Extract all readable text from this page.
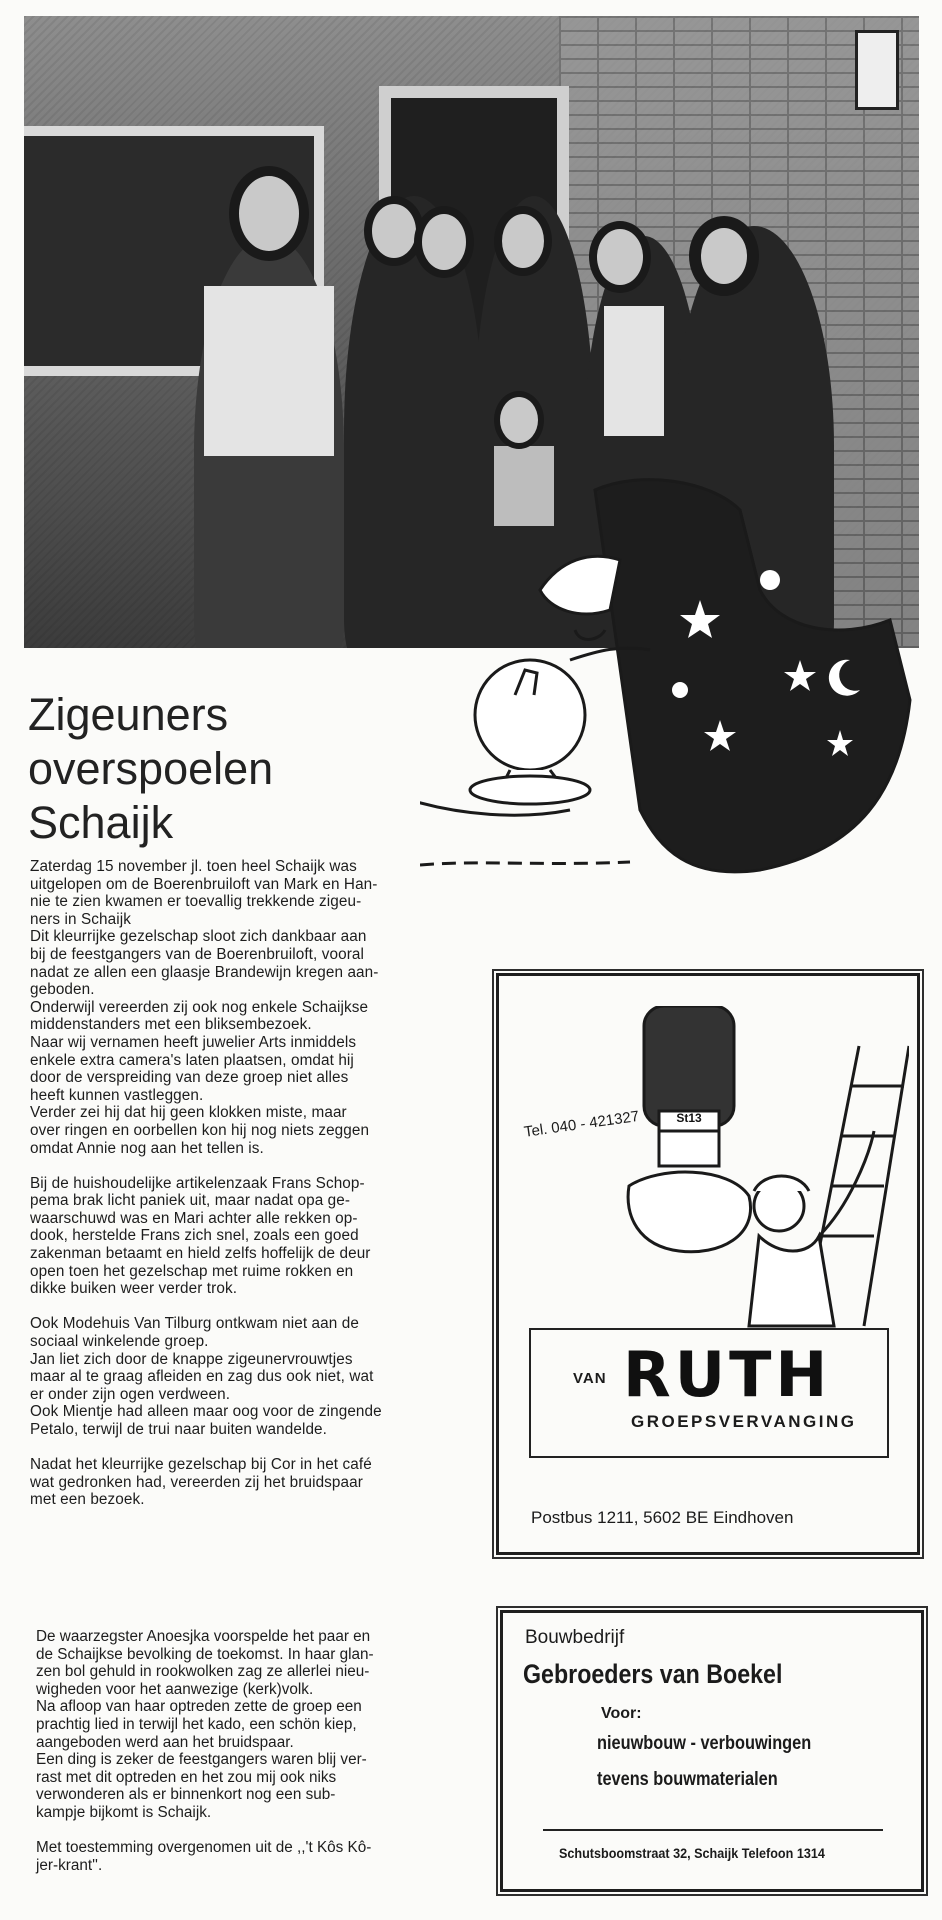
Zigeuners
overspoelen
Schaijk

Zaterdag 15 november jl. toen heel Schaijk was
uitgelopen om de Boerenbruiloft van Mark en Han-
nie te zien kwamen er toevallig trekkende zigeu-
ners in Schaijk

Dit kleurrijke gezelschap sloot zich dankbaar aan
bij de feestgangers van de Boerenbruiloft, vooral
nadat ze allen een glaasje Brandewijn kregen aan-
geboden.

Onderwijl vereerden zij ook nog enkele Schaijkse
middenstanders met een bliksembezoek.

Naar wij vernamen heeft juwelier Arts inmiddels
enkele extra camera's laten plaatsen, omdat hij
door de verspreiding van deze groep niet alles
heeft kunnen vastleggen.

Verder zei hij dat hij geen klokken miste, maar
over ringen en oorbellen kon hij nog niets zeggen
omdat Annie nog aan het tellen is.

Bij de huishoudelijke artikelenzaak Frans Schop-
pema brak licht paniek uit, maar nadat opa ge-
waarschuwd was en Mari achter alle rekken op-
dook, herstelde Frans zich snel, zoals een goed
zakenman betaamt en hield zelfs hoffelijk de deur
open toen het gezelschap met ruime rokken en
dikke buiken weer verder trok.

Ook Modehuis Van Tilburg ontkwam niet aan de
sociaal winkelende groep.

Jan liet zich door de knappe zigeunervrouwtjes
maar al te graag afleiden en zag dus ook niet, wat
er onder zijn ogen verdween.

Ook Mientje had alleen maar oog voor de zingende
Petalo, terwijl de trui naar buiten wandelde.

Nadat het kleurrijke gezelschap bij Cor in het café
wat gedronken had, vereerden zij het bruidspaar
met een bezoek.

De waarzegster Anoesjka voorspelde het paar en
de Schaijkse bevolking de toekomst. In haar glan-
zen bol gehuld in rookwolken zag ze allerlei nieu-
wigheden voor het aanwezige (kerk)volk.

Na afloop van haar optreden zette de groep een
prachtig lied in terwijl het kado, een schön kiep,
aangeboden werd aan het bruidspaar.

Een ding is zeker de feestgangers waren blij ver-
rast met dit optreden en het zou mij ook niks
verwonderen als er binnenkort nog een sub-
kampje bijkomt is Schaijk.

Met toestemming overgenomen uit de ,,'t Kôs Kô-
jer-krant''.

Tel. 040 - 421327	St13
VAN RUTH
GROEPSVERVANGING
Postbus 1211, 5602 BE Eindhoven
Bouwbedrijf
Gebroeders van Boekel
Voor:
nieuwbouw - verbouwingen
tevens bouwmaterialen
Schutsboomstraat 32, Schaijk Telefoon 1314
